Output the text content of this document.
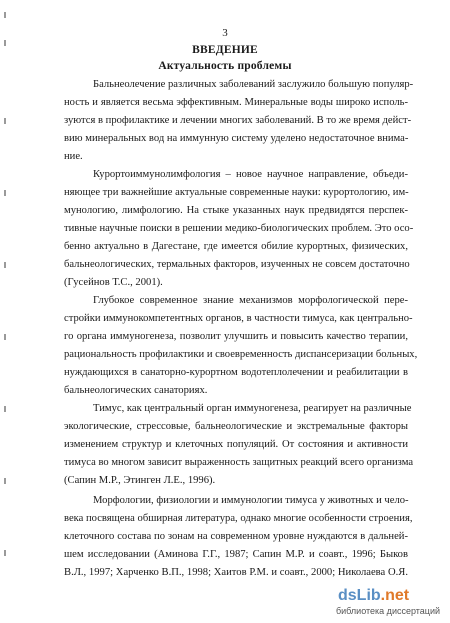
3
ВВЕДЕНИЕ
Актуальность проблемы
Бальнеолечение различных заболеваний заслужило большую популяр-
ность и является весьма эффективным. Минеральные воды широко исполь-
зуются в профилактике и лечении многих заболеваний. В то же время дейст-
вию минеральных вод на иммунную систему уделено недостаточное внима-
ние.
Курортоиммунолимфология – новое научное направление, объеди-
няющее три важнейшие актуальные современные науки: курортологию, им-
мунологию, лимфологию. На стыке указанных наук предвидятся перспек-
тивные научные поиски в решении медико-биологических проблем. Это осо-
бенно актуально в Дагестане, где имеется обилие курортных, физических,
бальнеологических, термальных факторов, изученных не совсем достаточно
(Гусейнов Т.С., 2001).
Глубокое современное знание механизмов морфологической пере-
стройки иммунокомпетентных органов, в частности тимуса, как центрально-
го органа иммуногенеза, позволит улучшить и повысить качество терапии,
рациональность профилактики и своевременность диспансеризации больных,
нуждающихся в санаторно-курортном водотеплолечении и реабилитации в
бальнеологических санаториях.
Тимус, как центральный орган иммуногенеза, реагирует на различные
экологические, стрессовые, бальнеологические и экстремальные факторы
изменением структур и клеточных популяций. От состояния и активности
тимуса во многом зависит выраженность защитных реакций всего организма
(Сапин М.Р., Этинген Л.Е., 1996).
Морфологии, физиологии и иммунологии тимуса у животных и чело-
века посвящена обширная литература, однако многие особенности строения,
клеточного состава по зонам на современном уровне нуждаются в дальней-
шем исследовании (Аминова Г.Г., 1987; Сапин М.Р. и соавт., 1996; Быков
В.Л., 1997; Харченко В.П., 1998; Хаитов Р.М. и соавт., 2000; Николаева О.Я.
dsLib.net
библиотека диссертаций
